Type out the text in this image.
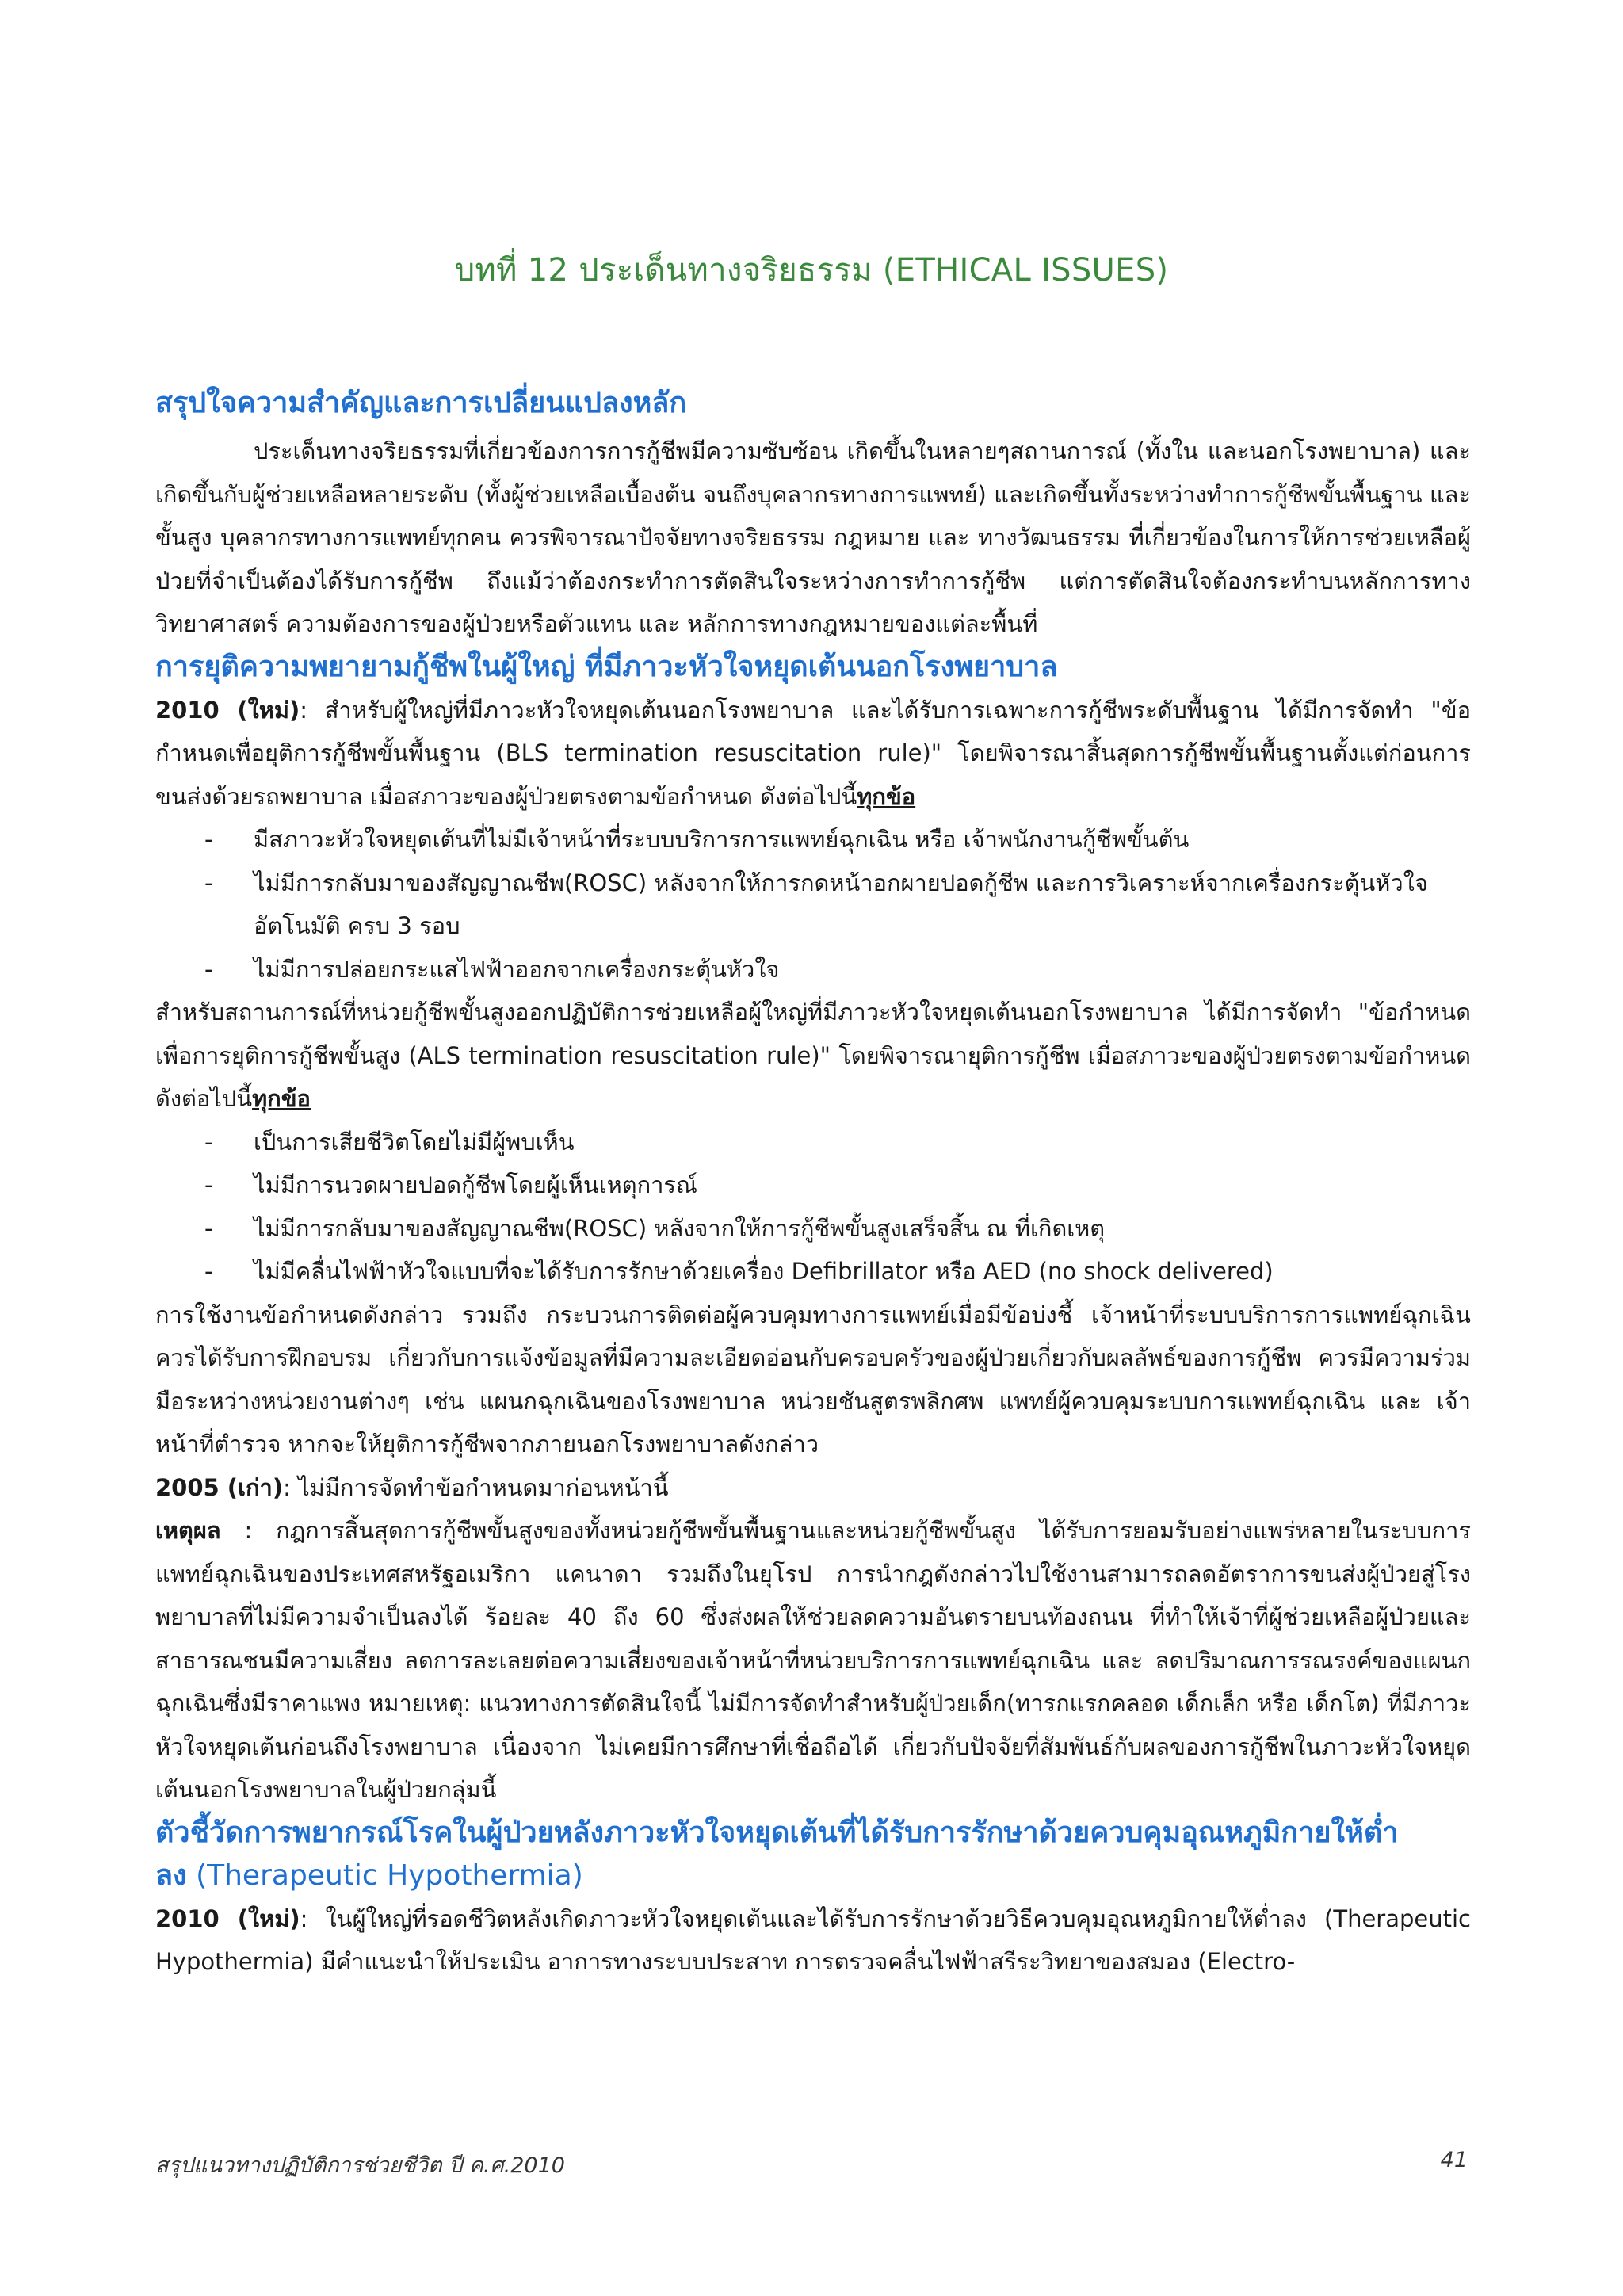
บทที่ 12 ประเด็นทางจริยธรรม (ETHICAL ISSUES)
สรุปใจความสำคัญและการเปลี่ยนแปลงหลัก

ประเด็นทางจริยธรรมที่เกี่ยวข้องการการกู้ชีพมีความซับซ้อน เกิดขึ้นในหลายๆสถานการณ์ (ทั้งใน และนอกโรงพยาบาล) และเกิดขึ้นกับผู้ช่วยเหลือหลายระดับ (ทั้งผู้ช่วยเหลือเบื้องต้น จนถึงบุคลากรทางการแพทย์) และเกิดขึ้นทั้งระหว่างทำการกู้ชีพขั้นพื้นฐาน และขั้นสูง บุคลากรทางการแพทย์ทุกคน ควรพิจารณาปัจจัยทางจริยธรรม กฎหมาย และ ทางวัฒนธรรม ที่เกี่ยวข้องในการให้การช่วยเหลือผู้ป่วยที่จำเป็นต้องได้รับการกู้ชีพ ถึงแม้ว่าต้องกระทำการตัดสินใจระหว่างการทำการกู้ชีพ แต่การตัดสินใจต้องกระทำบนหลักการทางวิทยาศาสตร์ ความต้องการของผู้ป่วยหรือตัวแทน และ หลักการทางกฎหมายของแต่ละพื้นที่

การยุติความพยายามกู้ชีพในผู้ใหญ่ ที่มีภาวะหัวใจหยุดเต้นนอกโรงพยาบาล

2010 (ใหม่): สำหรับผู้ใหญ่ที่มีภาวะหัวใจหยุดเต้นนอกโรงพยาบาล และได้รับการเฉพาะการกู้ชีพระดับพื้นฐาน ได้มีการจัดทำ "ข้อกำหนดเพื่อยุติการกู้ชีพขั้นพื้นฐาน (BLS termination resuscitation rule)" โดยพิจารณาสิ้นสุดการกู้ชีพขั้นพื้นฐานตั้งแต่ก่อนการขนส่งด้วยรถพยาบาล เมื่อสภาวะของผู้ป่วยตรงตามข้อกำหนด ดังต่อไปนี้ทุกข้อ

- มีสภาวะหัวใจหยุดเต้นที่ไม่มีเจ้าหน้าที่ระบบบริการการแพทย์ฉุกเฉิน หรือ เจ้าพนักงานกู้ชีพขั้นต้น
- ไม่มีการกลับมาของสัญญาณชีพ(ROSC) หลังจากให้การกดหน้าอกผายปอดกู้ชีพ และการวิเคราะห์จากเครื่องกระตุ้นหัวใจอัตโนมัติ ครบ 3 รอบ
- ไม่มีการปล่อยกระแสไฟฟ้าออกจากเครื่องกระตุ้นหัวใจ

สำหรับสถานการณ์ที่หน่วยกู้ชีพขั้นสูงออกปฏิบัติการช่วยเหลือผู้ใหญ่ที่มีภาวะหัวใจหยุดเต้นนอกโรงพยาบาล ได้มีการจัดทำ "ข้อกำหนดเพื่อการยุติการกู้ชีพขั้นสูง (ALS termination resuscitation rule)" โดยพิจารณายุติการกู้ชีพ เมื่อสภาวะของผู้ป่วยตรงตามข้อกำหนด ดังต่อไปนี้ทุกข้อ

- เป็นการเสียชีวิตโดยไม่มีผู้พบเห็น
- ไม่มีการนวดผายปอดกู้ชีพโดยผู้เห็นเหตุการณ์
- ไม่มีการกลับมาของสัญญาณชีพ(ROSC) หลังจากให้การกู้ชีพขั้นสูงเสร็จสิ้น ณ ที่เกิดเหตุ
- ไม่มีคลื่นไฟฟ้าหัวใจแบบที่จะได้รับการรักษาด้วยเครื่อง Defibrillator หรือ AED (no shock delivered)

การใช้งานข้อกำหนดดังกล่าว รวมถึง กระบวนการติดต่อผู้ควบคุมทางการแพทย์เมื่อมีข้อบ่งชี้ เจ้าหน้าที่ระบบบริการการแพทย์ฉุกเฉินควรได้รับการฝึกอบรม เกี่ยวกับการแจ้งข้อมูลที่มีความละเอียดอ่อนกับครอบครัวของผู้ป่วยเกี่ยวกับผลลัพธ์ของการกู้ชีพ ควรมีความร่วมมือระหว่างหน่วยงานต่างๆ เช่น แผนกฉุกเฉินของโรงพยาบาล หน่วยชันสูตรพลิกศพ แพทย์ผู้ควบคุมระบบการแพทย์ฉุกเฉิน และ เจ้าหน้าที่ตำรวจ หากจะให้ยุติการกู้ชีพจากภายนอกโรงพยาบาลดังกล่าว

2005 (เก่า): ไม่มีการจัดทำข้อกำหนดมาก่อนหน้านี้

เหตุผล : กฎการสิ้นสุดการกู้ชีพขั้นสูงของทั้งหน่วยกู้ชีพขั้นพื้นฐานและหน่วยกู้ชีพขั้นสูง ได้รับการยอมรับอย่างแพร่หลายในระบบการแพทย์ฉุกเฉินของประเทศสหรัฐอเมริกา แคนาดา รวมถึงในยุโรป การนำกฎดังกล่าวไปใช้งานสามารถลดอัตราการขนส่งผู้ป่วยสู่โรงพยาบาลที่ไม่มีความจำเป็นลงได้ ร้อยละ 40 ถึง 60 ซึ่งส่งผลให้ช่วยลดความอันตรายบนท้องถนน ที่ทำให้เจ้าที่ผู้ช่วยเหลือผู้ป่วยและสาธารณชนมีความเสี่ยง ลดการละเลยต่อความเสี่ยงของเจ้าหน้าที่หน่วยบริการการแพทย์ฉุกเฉิน และ ลดปริมาณการรณรงค์ของแผนกฉุกเฉินซึ่งมีราคาแพง หมายเหตุ: แนวทางการตัดสินใจนี้ ไม่มีการจัดทำสำหรับผู้ป่วยเด็ก(ทารกแรกคลอด เด็กเล็ก หรือ เด็กโต) ที่มีภาวะหัวใจหยุดเต้นก่อนถึงโรงพยาบาล เนื่องจาก ไม่เคยมีการศึกษาที่เชื่อถือได้ เกี่ยวกับปัจจัยที่สัมพันธ์กับผลของการกู้ชีพในภาวะหัวใจหยุดเต้นนอกโรงพยาบาลในผู้ป่วยกลุ่มนี้

ตัวชี้วัดการพยากรณ์โรคในผู้ป่วยหลังภาวะหัวใจหยุดเต้นที่ได้รับการรักษาด้วยควบคุมอุณหภูมิกายให้ต่ำ
ลง (Therapeutic Hypothermia)

2010 (ใหม่): ในผู้ใหญ่ที่รอดชีวิตหลังเกิดภาวะหัวใจหยุดเต้นและได้รับการรักษาด้วยวิธีควบคุมอุณหภูมิกายให้ต่ำลง (Therapeutic Hypothermia) มีคำแนะนำให้ประเมิน อาการทางระบบประสาท การตรวจคลื่นไฟฟ้าสรีระวิทยาของสมอง (Electro-

สรุปแนวทางปฏิบัติการช่วยชีวิต ปี ค.ศ.2010	41
